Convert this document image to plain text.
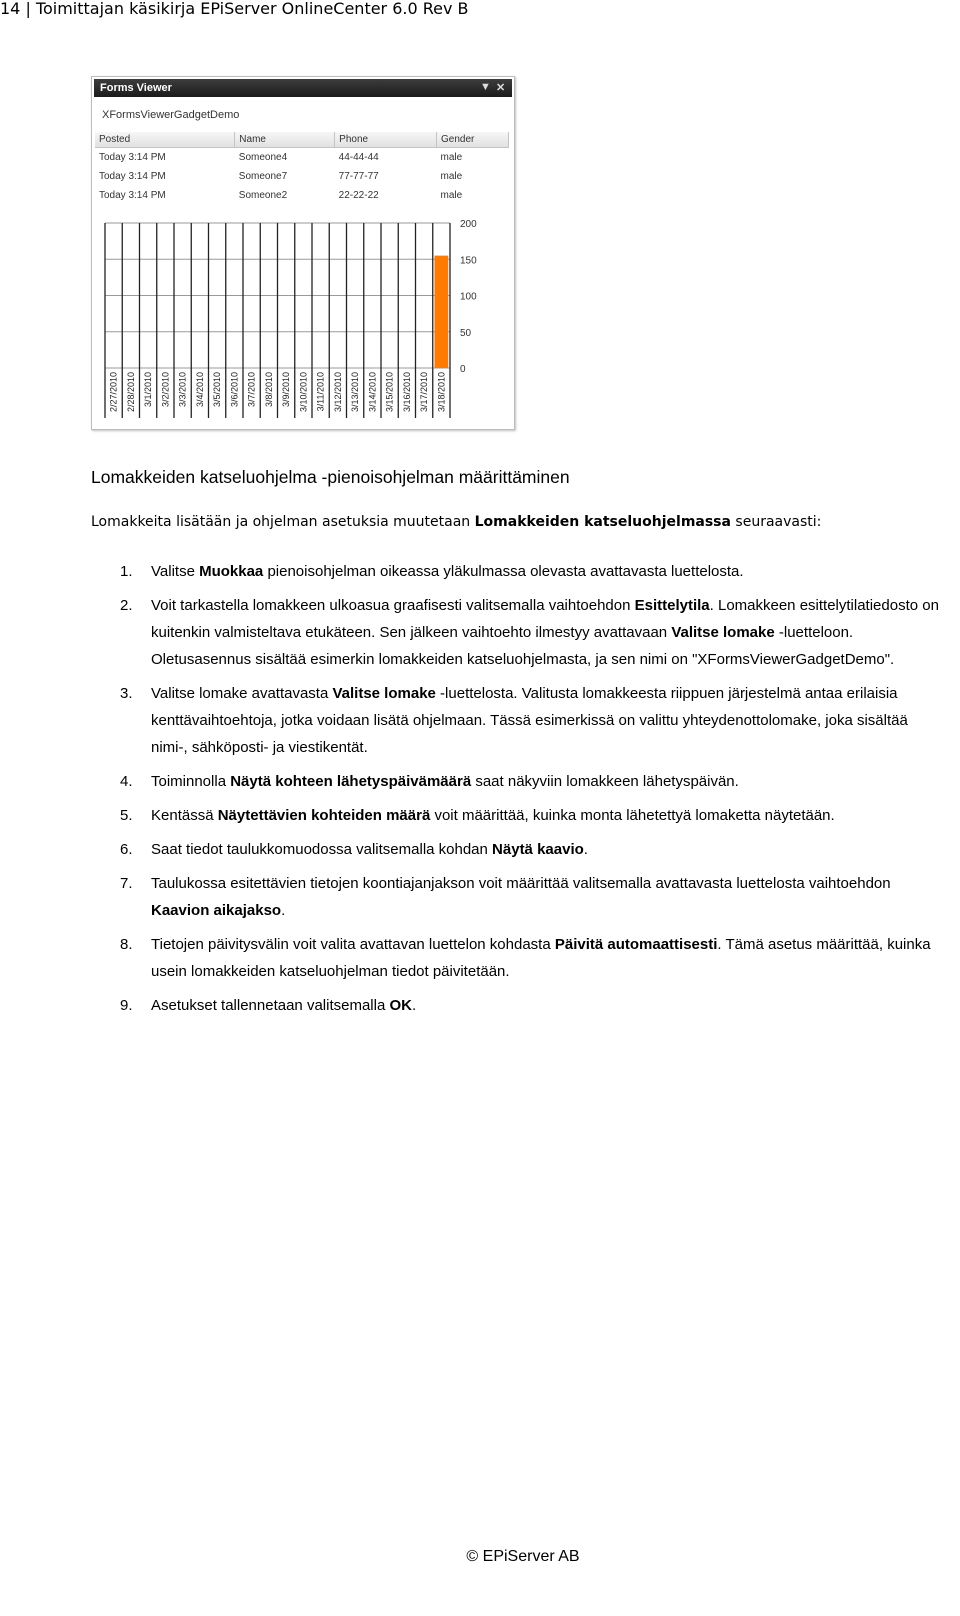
14 | Toimittajan käsikirja EPiServer OnlineCenter 6.0 Rev B
Forms Viewer	▼ ✕
XFormsViewerGadgetDemo
Posted	Name	Phone	Gender
Today 3:14 PM	Someone4	44-44-44	male
Today 3:14 PM	Someone7	77-77-77	male
Today 3:14 PM	Someone2	22-22-22	male
0
50
100
150
200
2/27/2010 2/28/2010 3/1/2010 3/2/2010 3/3/2010 3/4/2010 3/5/2010 3/6/2010 3/7/2010 3/8/2010 3/9/2010 3/10/2010 3/11/2010 3/12/2010 3/13/2010 3/14/2010 3/15/2010 3/16/2010 3/17/2010 3/18/2010
Lomakkeiden katseluohjelma -pienoisohjelman määrittäminen
Lomakkeita lisätään ja ohjelman asetuksia muutetaan Lomakkeiden katseluohjelmassa seuraavasti:
1. Valitse Muokkaa pienoisohjelman oikeassa yläkulmassa olevasta avattavasta luettelosta.
2. Voit tarkastella lomakkeen ulkoasua graafisesti valitsemalla vaihtoehdon Esittelytila. Lomakkeen esittelytilatiedosto on kuitenkin valmisteltava etukäteen. Sen jälkeen vaihtoehto ilmestyy avattavaan Valitse lomake -luetteloon. Oletusasennus sisältää esimerkin lomakkeiden katseluohjelmasta, ja sen nimi on "XFormsViewerGadgetDemo".
3. Valitse lomake avattavasta Valitse lomake -luettelosta. Valitusta lomakkeesta riippuen järjestelmä antaa erilaisia kenttävaihtoehtoja, jotka voidaan lisätä ohjelmaan. Tässä esimerkissä on valittu yhteydenottolomake, joka sisältää nimi-, sähköposti- ja viestikentät.
4. Toiminnolla Näytä kohteen lähetyspäivämäärä saat näkyviin lomakkeen lähetyspäivän.
5. Kentässä Näytettävien kohteiden määrä voit määrittää, kuinka monta lähetettyä lomaketta näytetään.
6. Saat tiedot taulukkomuodossa valitsemalla kohdan Näytä kaavio.
7. Taulukossa esitettävien tietojen koontiajanjakson voit määrittää valitsemalla avattavasta luettelosta vaihtoehdon Kaavion aikajakso.
8. Tietojen päivitysvälin voit valita avattavan luettelon kohdasta Päivitä automaattisesti. Tämä asetus määrittää, kuinka usein lomakkeiden katseluohjelman tiedot päivitetään.
9. Asetukset tallennetaan valitsemalla OK.
© EPiServer AB
